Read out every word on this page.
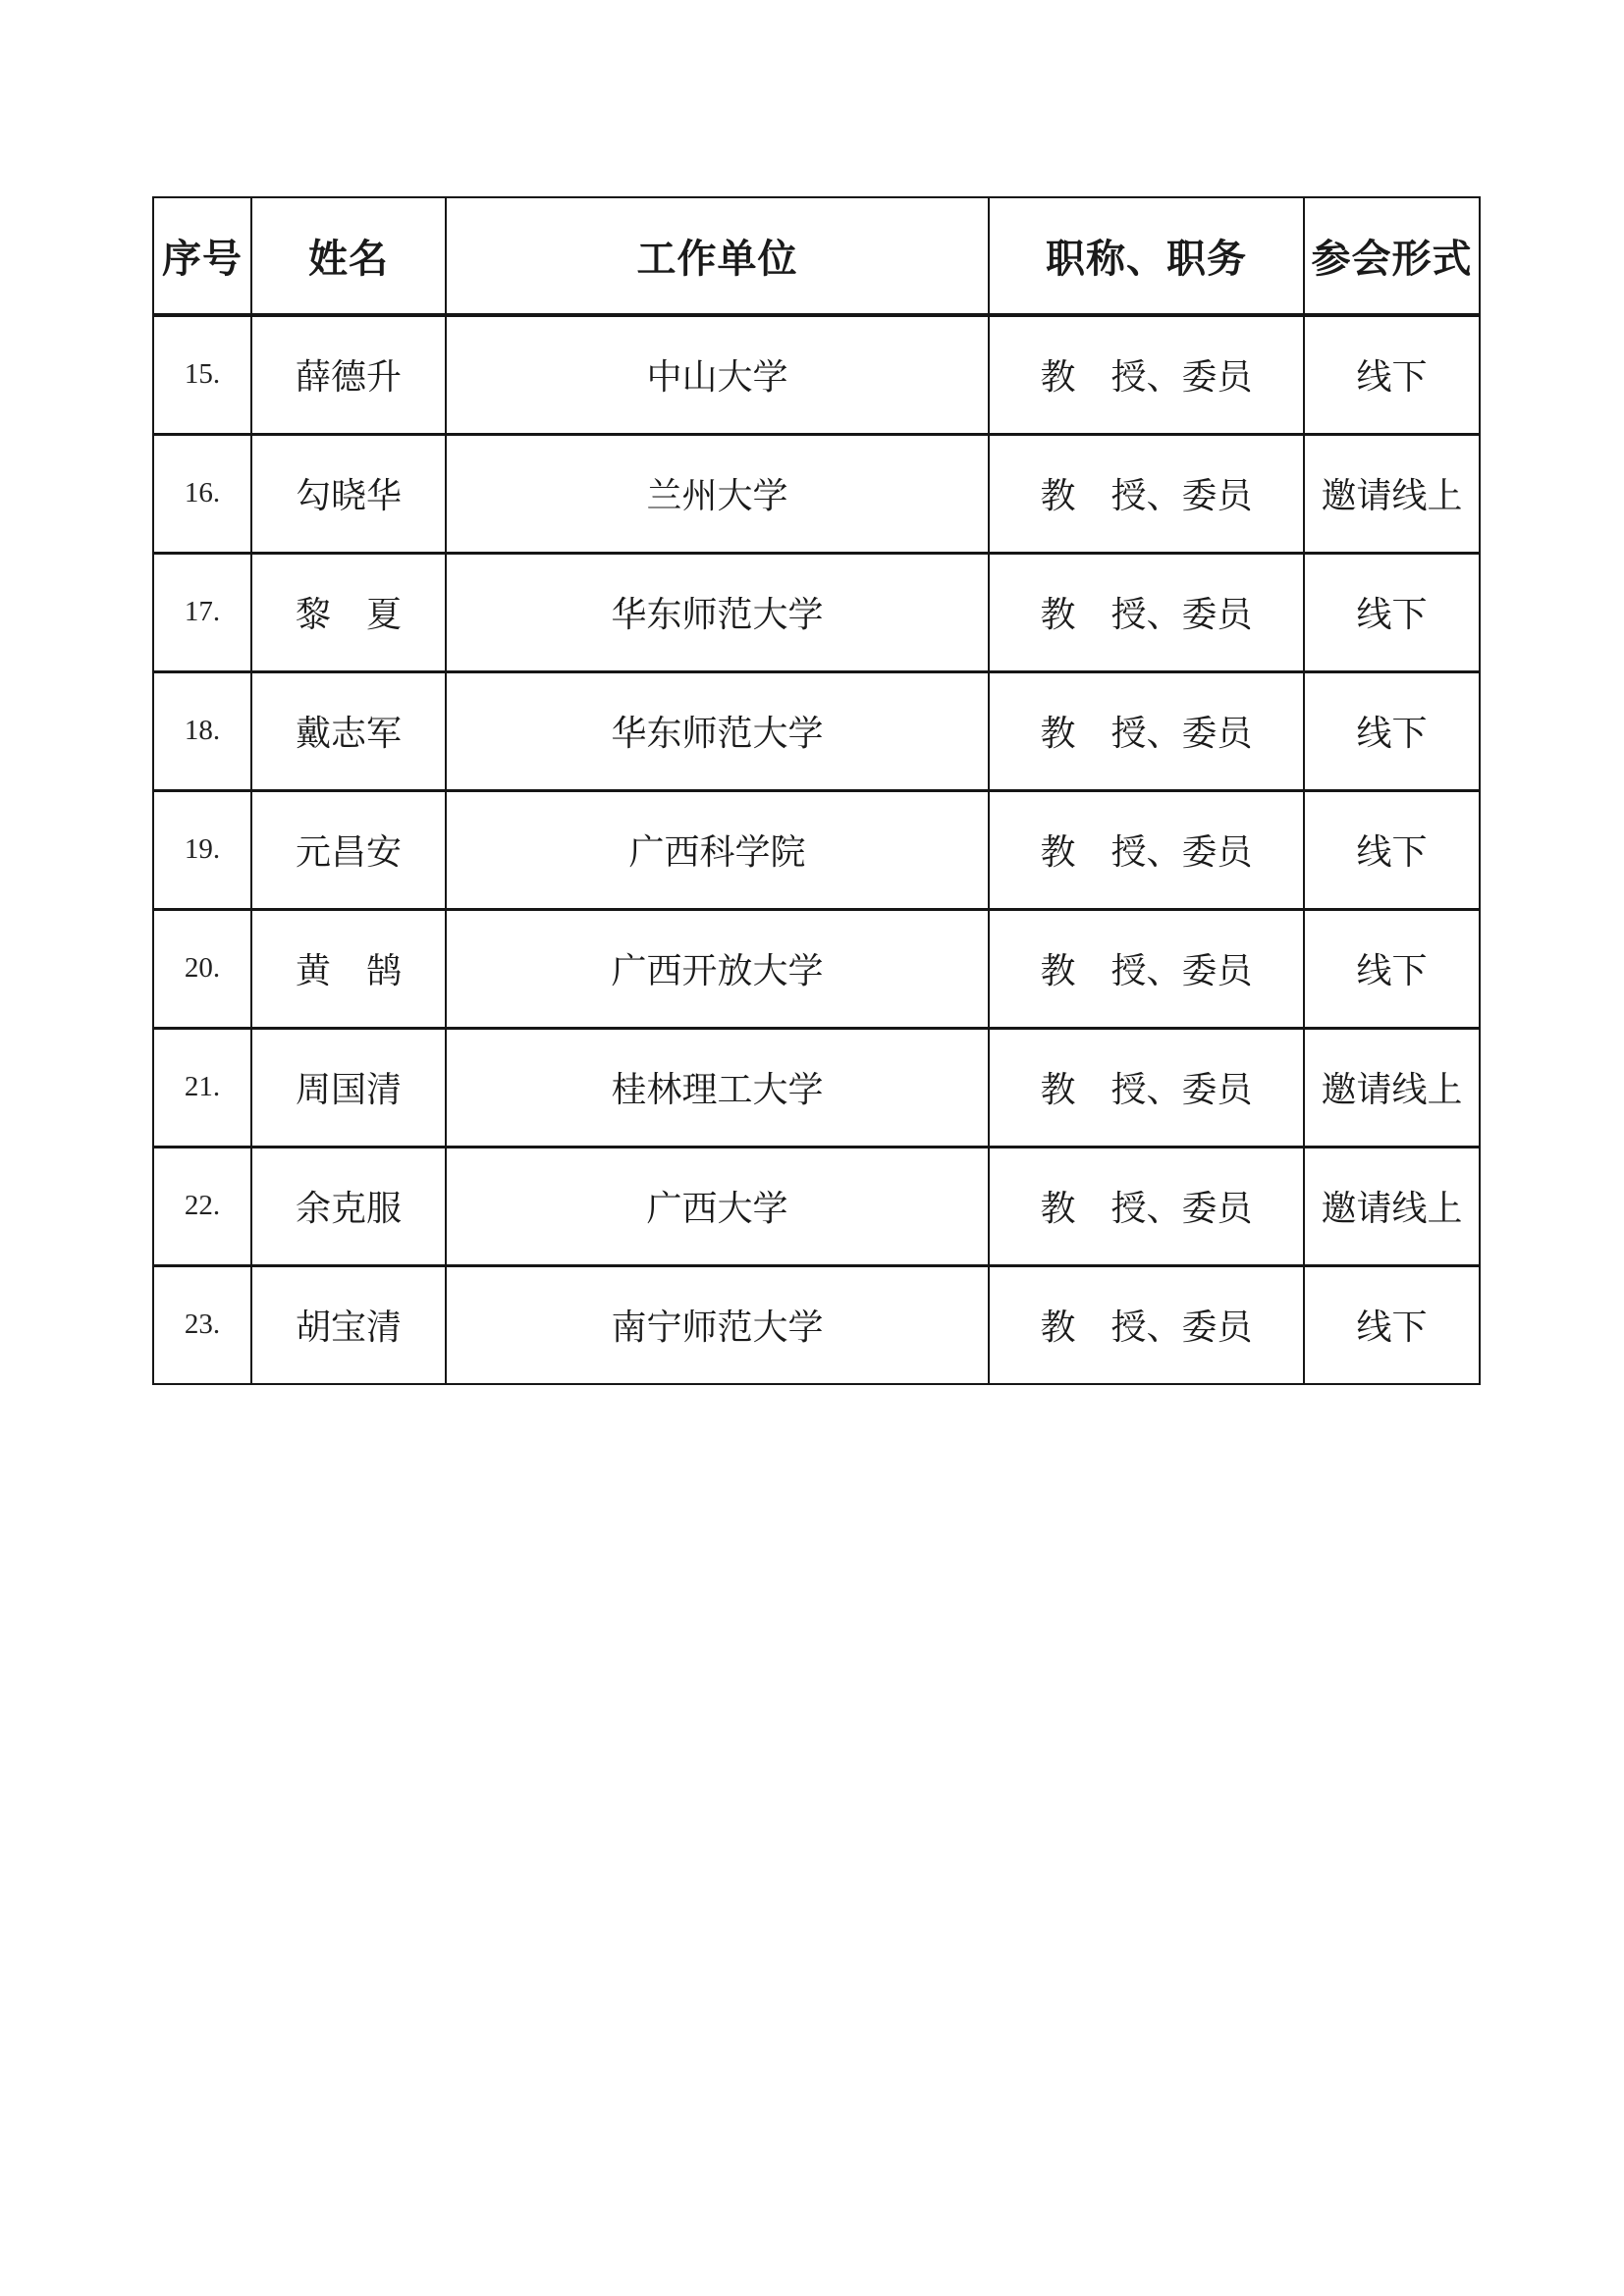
序号	姓名	工作单位	职称、职务	参会形式
15.	薛德升	中山大学	教　授、委员	线下
16.	勾晓华	兰州大学	教　授、委员	邀请线上
17.	黎　夏	华东师范大学	教　授、委员	线下
18.	戴志军	华东师范大学	教　授、委员	线下
19.	元昌安	广西科学院	教　授、委员	线下
20.	黄　鹄	广西开放大学	教　授、委员	线下
21.	周国清	桂林理工大学	教　授、委员	邀请线上
22.	余克服	广西大学	教　授、委员	邀请线上
23.	胡宝清	南宁师范大学	教　授、委员	线下
